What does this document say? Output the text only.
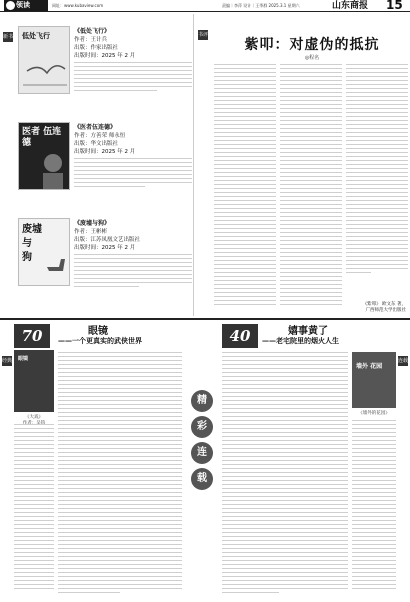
领读	网址：www.kubaview.com	责编｜李萍 设计｜王季群 2025.3.1 星期六	山东商报 15
新书 低处飞行	《低处飞行》
作者：王计兵
出版：作家出版社
出版时间：2025 年 2 月
医者 伍连德
《医者伍连德》
作者：方善荣 师永恒
出版：华文出版社
出版时间：2025 年 2 月
废墟 与 狗
《废墟与狗》
作者：王彬彬
出版：江苏凤凰文艺出版社
出版时间：2025 年 2 月
书评
紫叩：对虚伪的抵抗
◎程名
《紫叩》 欧文东 著，
广西师范大学出版社
70	眼镜
——一个更真实的武侠世界	40	嬉事黄了
——老宅院里的烟火人生
经典 眼镜
《大戏》

精
彩
连
载
墙外 花园
《墙外的花园》
连载
